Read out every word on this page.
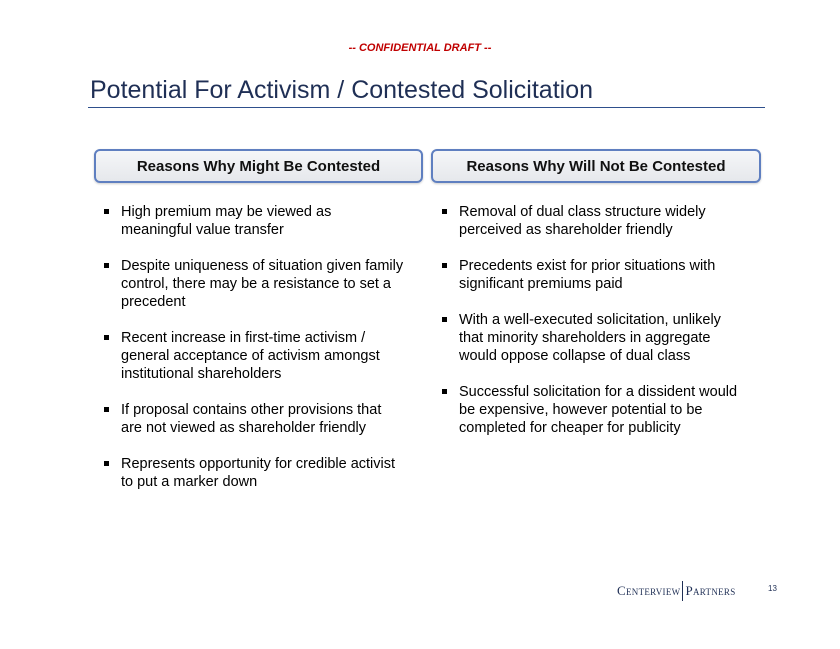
-- CONFIDENTIAL DRAFT --
Potential For Activism / Contested Solicitation
Reasons Why Might Be Contested	Reasons Why Will Not Be Contested
High premium may be viewed as meaningful value transfer
Despite uniqueness of situation given family control, there may be a resistance to set a precedent
Recent increase in first-time activism / general acceptance of activism amongst institutional shareholders
If proposal contains other provisions that are not viewed as shareholder friendly
Represents opportunity for credible activist to put a marker down
Removal of dual class structure widely perceived as shareholder friendly
Precedents exist for prior situations with significant premiums paid
With a well-executed solicitation, unlikely that minority shareholders in aggregate would oppose collapse of dual class
Successful solicitation for a dissident would be expensive, however potential to be completed for cheaper for publicity
Centerview Partners	13
